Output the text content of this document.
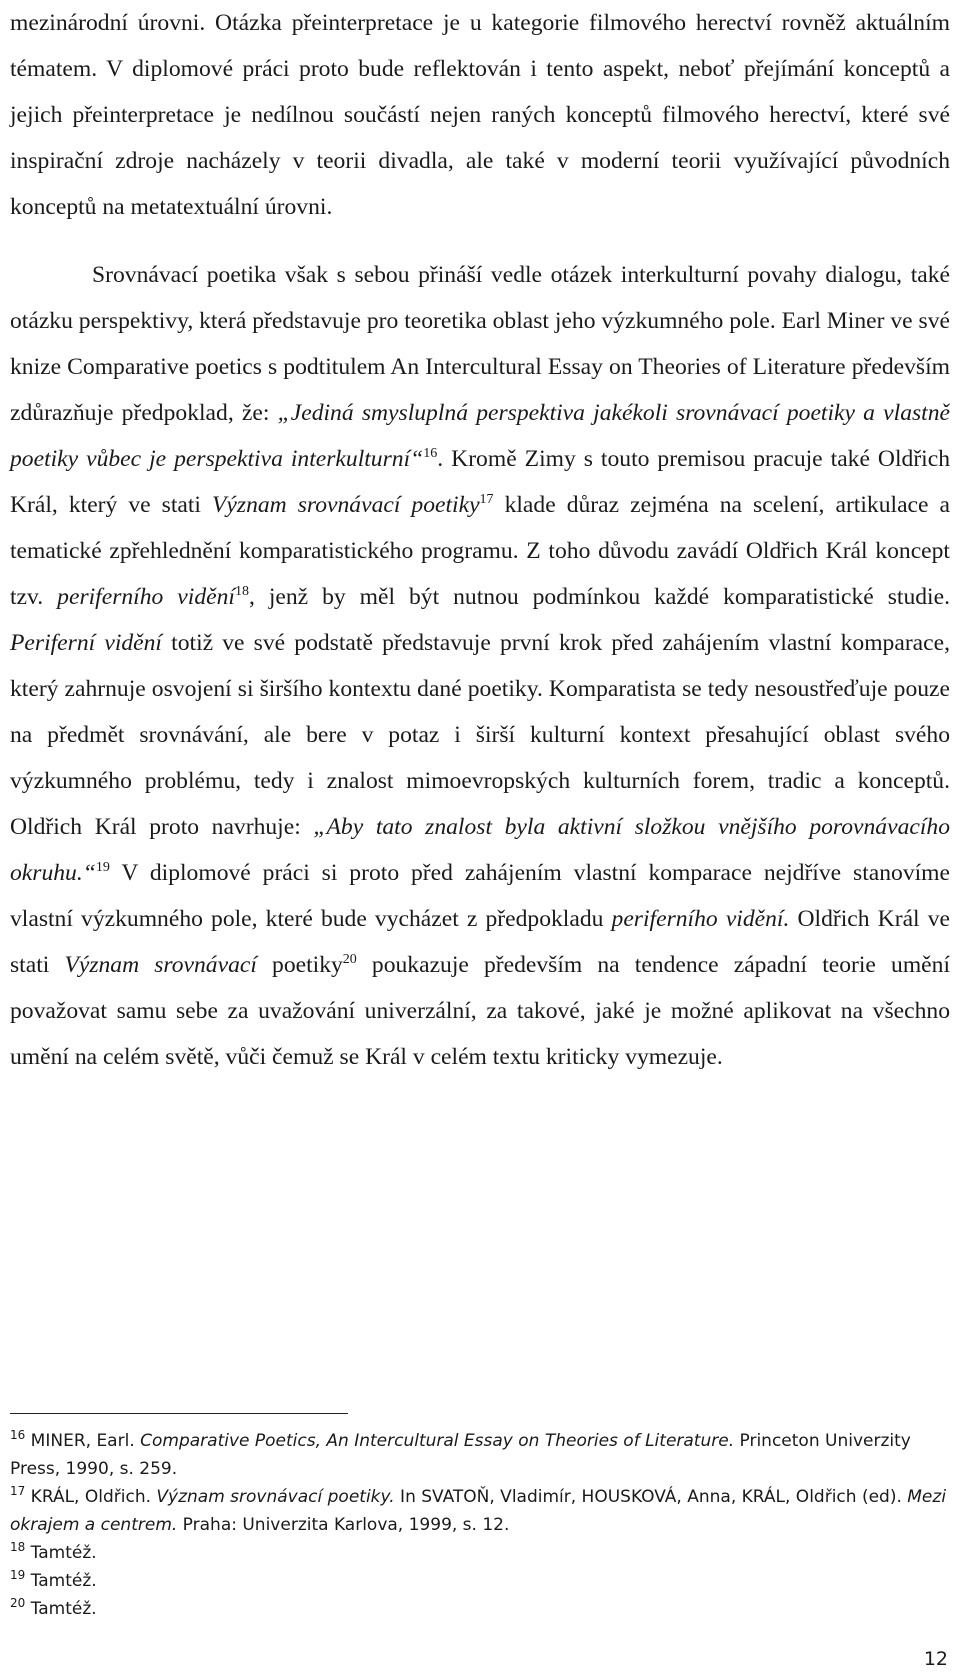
mezinárodní úrovni. Otázka přeinterpretace je u kategorie filmového herectví rovněž aktuálním tématem. V diplomové práci proto bude reflektován i tento aspekt, neboť přejímání konceptů a jejich přeinterpretace je nedílnou součástí nejen raných konceptů filmového herectví, které své inspirační zdroje nacházely v teorii divadla, ale také v moderní teorii využívající původních konceptů na metatextuální úrovni.

Srovnávací poetika však s sebou přináší vedle otázek interkulturní povahy dialogu, také otázku perspektivy, která představuje pro teoretika oblast jeho výzkumného pole. Earl Miner ve své knize Comparative poetics s podtitulem An Intercultural Essay on Theories of Literature především zdůrazňuje předpoklad, že: „Jediná smysluplná perspektiva jakékoli srovnávací poetiky a vlastně poetiky vůbec je perspektiva interkulturní“$^{16}$. Kromě Zimy s touto premisou pracuje také Oldřich Král, který ve stati Význam srovnávací poetiky$^{17}$ klade důraz zejména na scelení, artikulace a tematické zpřehlednění komparatistického programu. Z toho důvodu zavádí Oldřich Král koncept tzv. periferního vidění$^{18}$, jenž by měl být nutnou podmínkou každé komparatistické studie. Periferní vidění totiž ve své podstatě představuje první krok před zahájením vlastní komparace, který zahrnuje osvojení si širšího kontextu dané poetiky. Komparatista se tedy nesoustřeďuje pouze na předmět srovnávání, ale bere v potaz i širší kulturní kontext přesahující oblast svého výzkumného problému, tedy i znalost mimoevropských kulturních forem, tradic a konceptů. Oldřich Král proto navrhuje: „Aby tato znalost byla aktivní složkou vnějšího porovnávacího okruhu.“$^{19}$ V diplomové práci si proto před zahájením vlastní komparace nejdříve stanovíme vlastní výzkumného pole, které bude vycházet z předpokladu periferního vidění. Oldřich Král ve stati Význam srovnávací poetiky$^{20}$ poukazuje především na tendence západní teorie umění považovat samu sebe za uvažování univerzální, za takové, jaké je možné aplikovat na všechno umění na celém světě, vůči čemuž se Král v celém textu kriticky vymezuje.

$^{16}$ MINER, Earl. Comparative Poetics, An Intercultural Essay on Theories of Literature. Princeton Univerzity Press, 1990, s. 259.

$^{17}$ KRÁL, Oldřich. Význam srovnávací poetiky. In SVATOŇ, Vladimír, HOUSKOVÁ, Anna, KRÁL, Oldřich (ed). Mezi okrajem a centrem. Praha: Univerzita Karlova, 1999, s. 12.

$^{18}$ Tamtéž.

$^{19}$ Tamtéž.

$^{20}$ Tamtéž.

12
